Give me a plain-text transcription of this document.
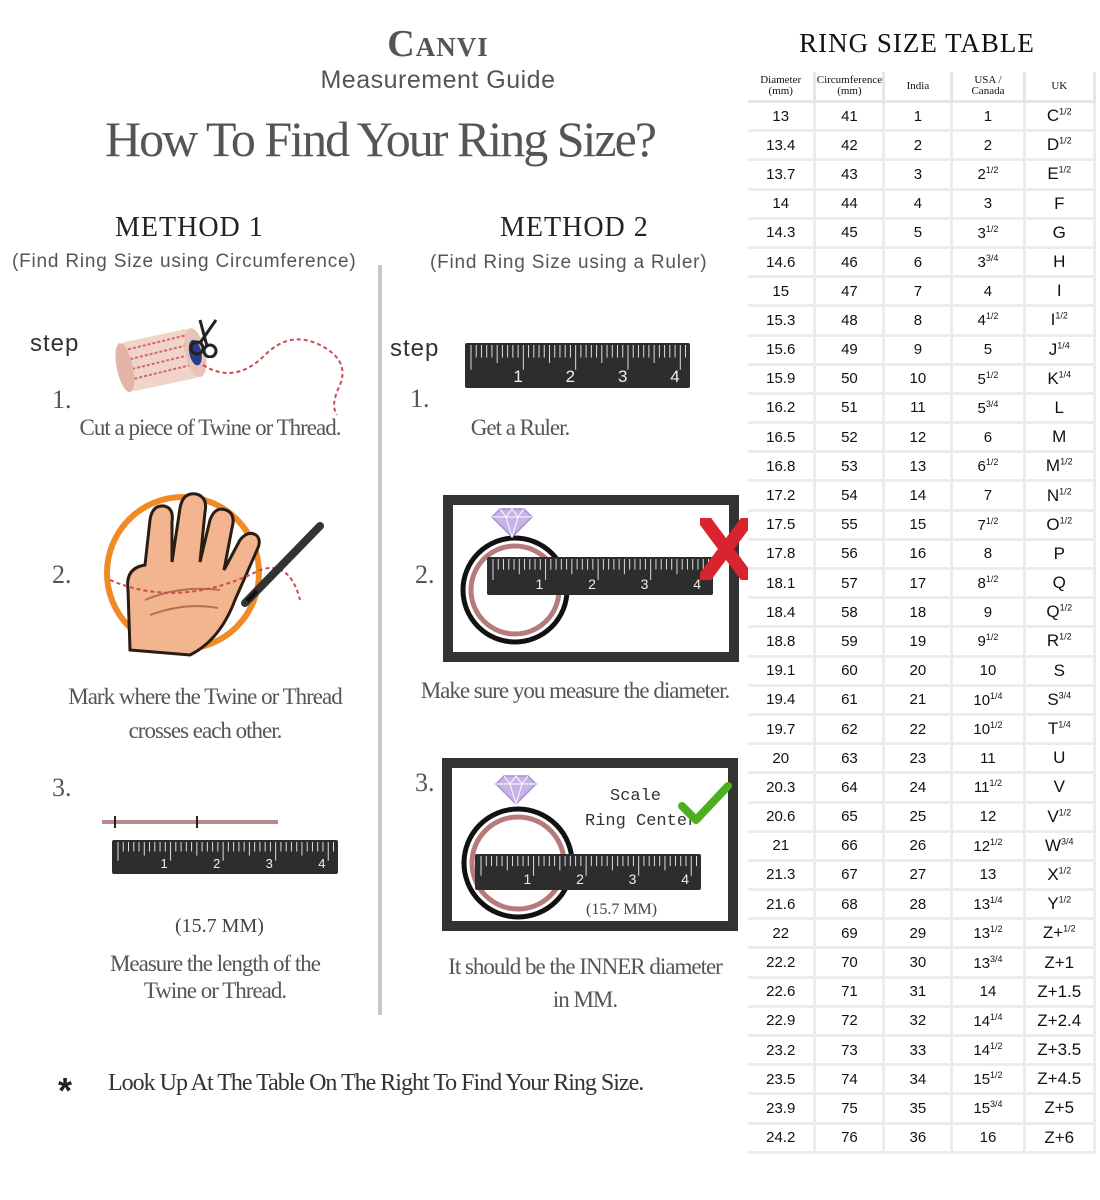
Canvi
Measurement Guide
How To Find Your Ring Size?
METHOD 1
(Find Ring Size using Circumference)
METHOD 2
(Find Ring Size using a Ruler)
step
1.
Cut a piece of Twine or Thread.
2.
Mark where the Twine or Thread
crosses each other.
3.
1	2	3	4
(15.7 MM)
Measure the length of the
Twine or Thread.
step
1.
1	2	3	4
Get a Ruler.
2.	1	2	3	4
Make sure you measure the diameter.
3.	Scale
Ring Center
1	2	3	4
(15.7 MM)
It should be the INNER diameter
in MM.
* Look Up At The Table On The Right To Find Your Ring Size.
RING SIZE TABLE
Diameter
(mm)	Circumference
(mm)	India	USA /
Canada	UK
13	41	1	1	$C^{1/2}$
13.4	42	2	2	$D^{1/2}$
13.7	43	3	$2^{1/2}$	$E^{1/2}$
14	44	4	3	F
14.3	45	5	$3^{1/2}$	G
14.6	46	6	$3^{3/4}$	H
15	47	7	4	I
15.3	48	8	$4^{1/2}$	$I^{1/2}$
15.6	49	9	5	$J^{1/4}$
15.9	50	10	$5^{1/2}$	$K^{1/4}$
16.2	51	11	$5^{3/4}$	L
16.5	52	12	6	M
16.8	53	13	$6^{1/2}$	$M^{1/2}$
17.2	54	14	7	$N^{1/2}$
17.5	55	15	$7^{1/2}$	$O^{1/2}$
17.8	56	16	8	P
18.1	57	17	$8^{1/2}$	Q
18.4	58	18	9	$Q^{1/2}$
18.8	59	19	$9^{1/2}$	$R^{1/2}$
19.1	60	20	10	S
19.4	61	21	$10^{1/4}$	$S^{3/4}$
19.7	62	22	$10^{1/2}$	$T^{1/4}$
20	63	23	11	U
20.3	64	24	$11^{1/2}$	V
20.6	65	25	12	$V^{1/2}$
21	66	26	$12^{1/2}$	$W^{3/4}$
21.3	67	27	13	$X^{1/2}$
21.6	68	28	$13^{1/4}$	$Y^{1/2}$
22	69	29	$13^{1/2}$	Z+$^{1/2}$
22.2	70	30	$13^{3/4}$	Z+1
22.6	71	31	14	Z+1.5
22.9	72	32	$14^{1/4}$	Z+2.4
23.2	73	33	$14^{1/2}$	Z+3.5
23.5	74	34	$15^{1/2}$	Z+4.5
23.9	75	35	$15^{3/4}$	Z+5
24.2	76	36	16	Z+6
